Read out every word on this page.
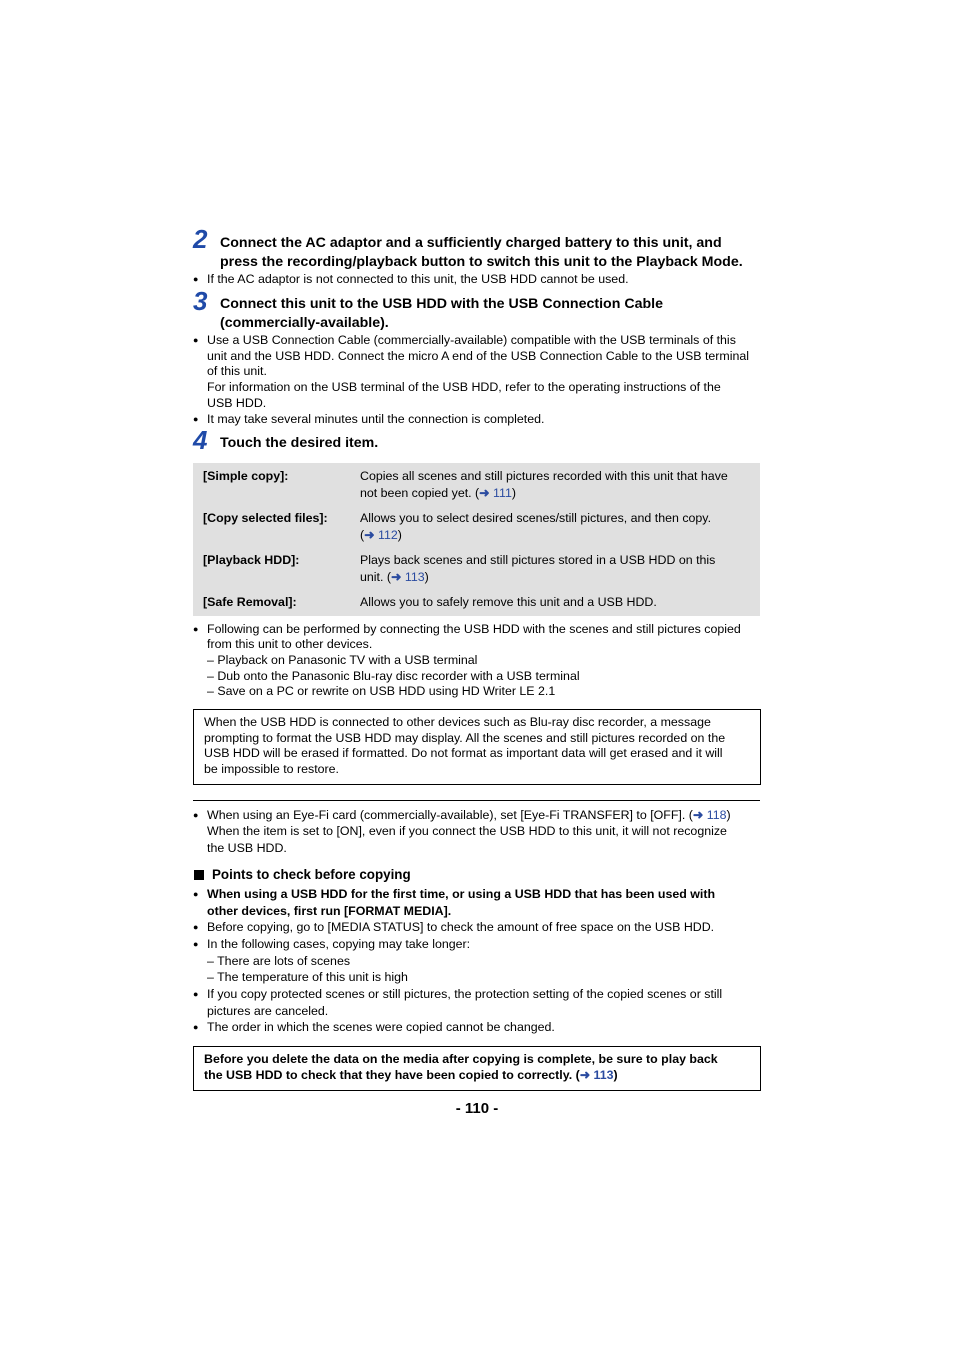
2 Connect the AC adaptor and a sufficiently charged battery to this unit, and
press the recording/playback button to switch this unit to the Playback Mode.
● If the AC adaptor is not connected to this unit, the USB HDD cannot be used.
3 Connect this unit to the USB HDD with the USB Connection Cable
(commercially-available).
● Use a USB Connection Cable (commercially-available) compatible with the USB terminals of this
unit and the USB HDD. Connect the micro A end of the USB Connection Cable to the USB terminal
of this unit.
For information on the USB terminal of the USB HDD, refer to the operating instructions of the
USB HDD.
● It may take several minutes until the connection is completed.
4 Touch the desired item.
[Simple copy]:	Copies all scenes and still pictures recorded with this unit that have
not been copied yet. (➜ 111)
[Copy selected files]:	Allows you to select desired scenes/still pictures, and then copy.
(➜ 112)
[Playback HDD]:	Plays back scenes and still pictures stored in a USB HDD on this
unit. (➜ 113)
[Safe Removal]:	Allows you to safely remove this unit and a USB HDD.
● Following can be performed by connecting the USB HDD with the scenes and still pictures copied
from this unit to other devices.
– Playback on Panasonic TV with a USB terminal
– Dub onto the Panasonic Blu-ray disc recorder with a USB terminal
– Save on a PC or rewrite on USB HDD using HD Writer LE 2.1
When the USB HDD is connected to other devices such as Blu-ray disc recorder, a message
prompting to format the USB HDD may display. All the scenes and still pictures recorded on the
USB HDD will be erased if formatted. Do not format as important data will get erased and it will
be impossible to restore.
● When using an Eye-Fi card (commercially-available), set [Eye-Fi TRANSFER] to [OFF]. (➜ 118)
When the item is set to [ON], even if you connect the USB HDD to this unit, it will not recognize
the USB HDD.
Points to check before copying
● When using a USB HDD for the first time, or using a USB HDD that has been used with
other devices, first run [FORMAT MEDIA].
● Before copying, go to [MEDIA STATUS] to check the amount of free space on the USB HDD.
● In the following cases, copying may take longer:
– There are lots of scenes
– The temperature of this unit is high
● If you copy protected scenes or still pictures, the protection setting of the copied scenes or still
pictures are canceled.
● The order in which the scenes were copied cannot be changed.
Before you delete the data on the media after copying is complete, be sure to play back
the USB HDD to check that they have been copied to correctly. (➜ 113)
- 110 -
